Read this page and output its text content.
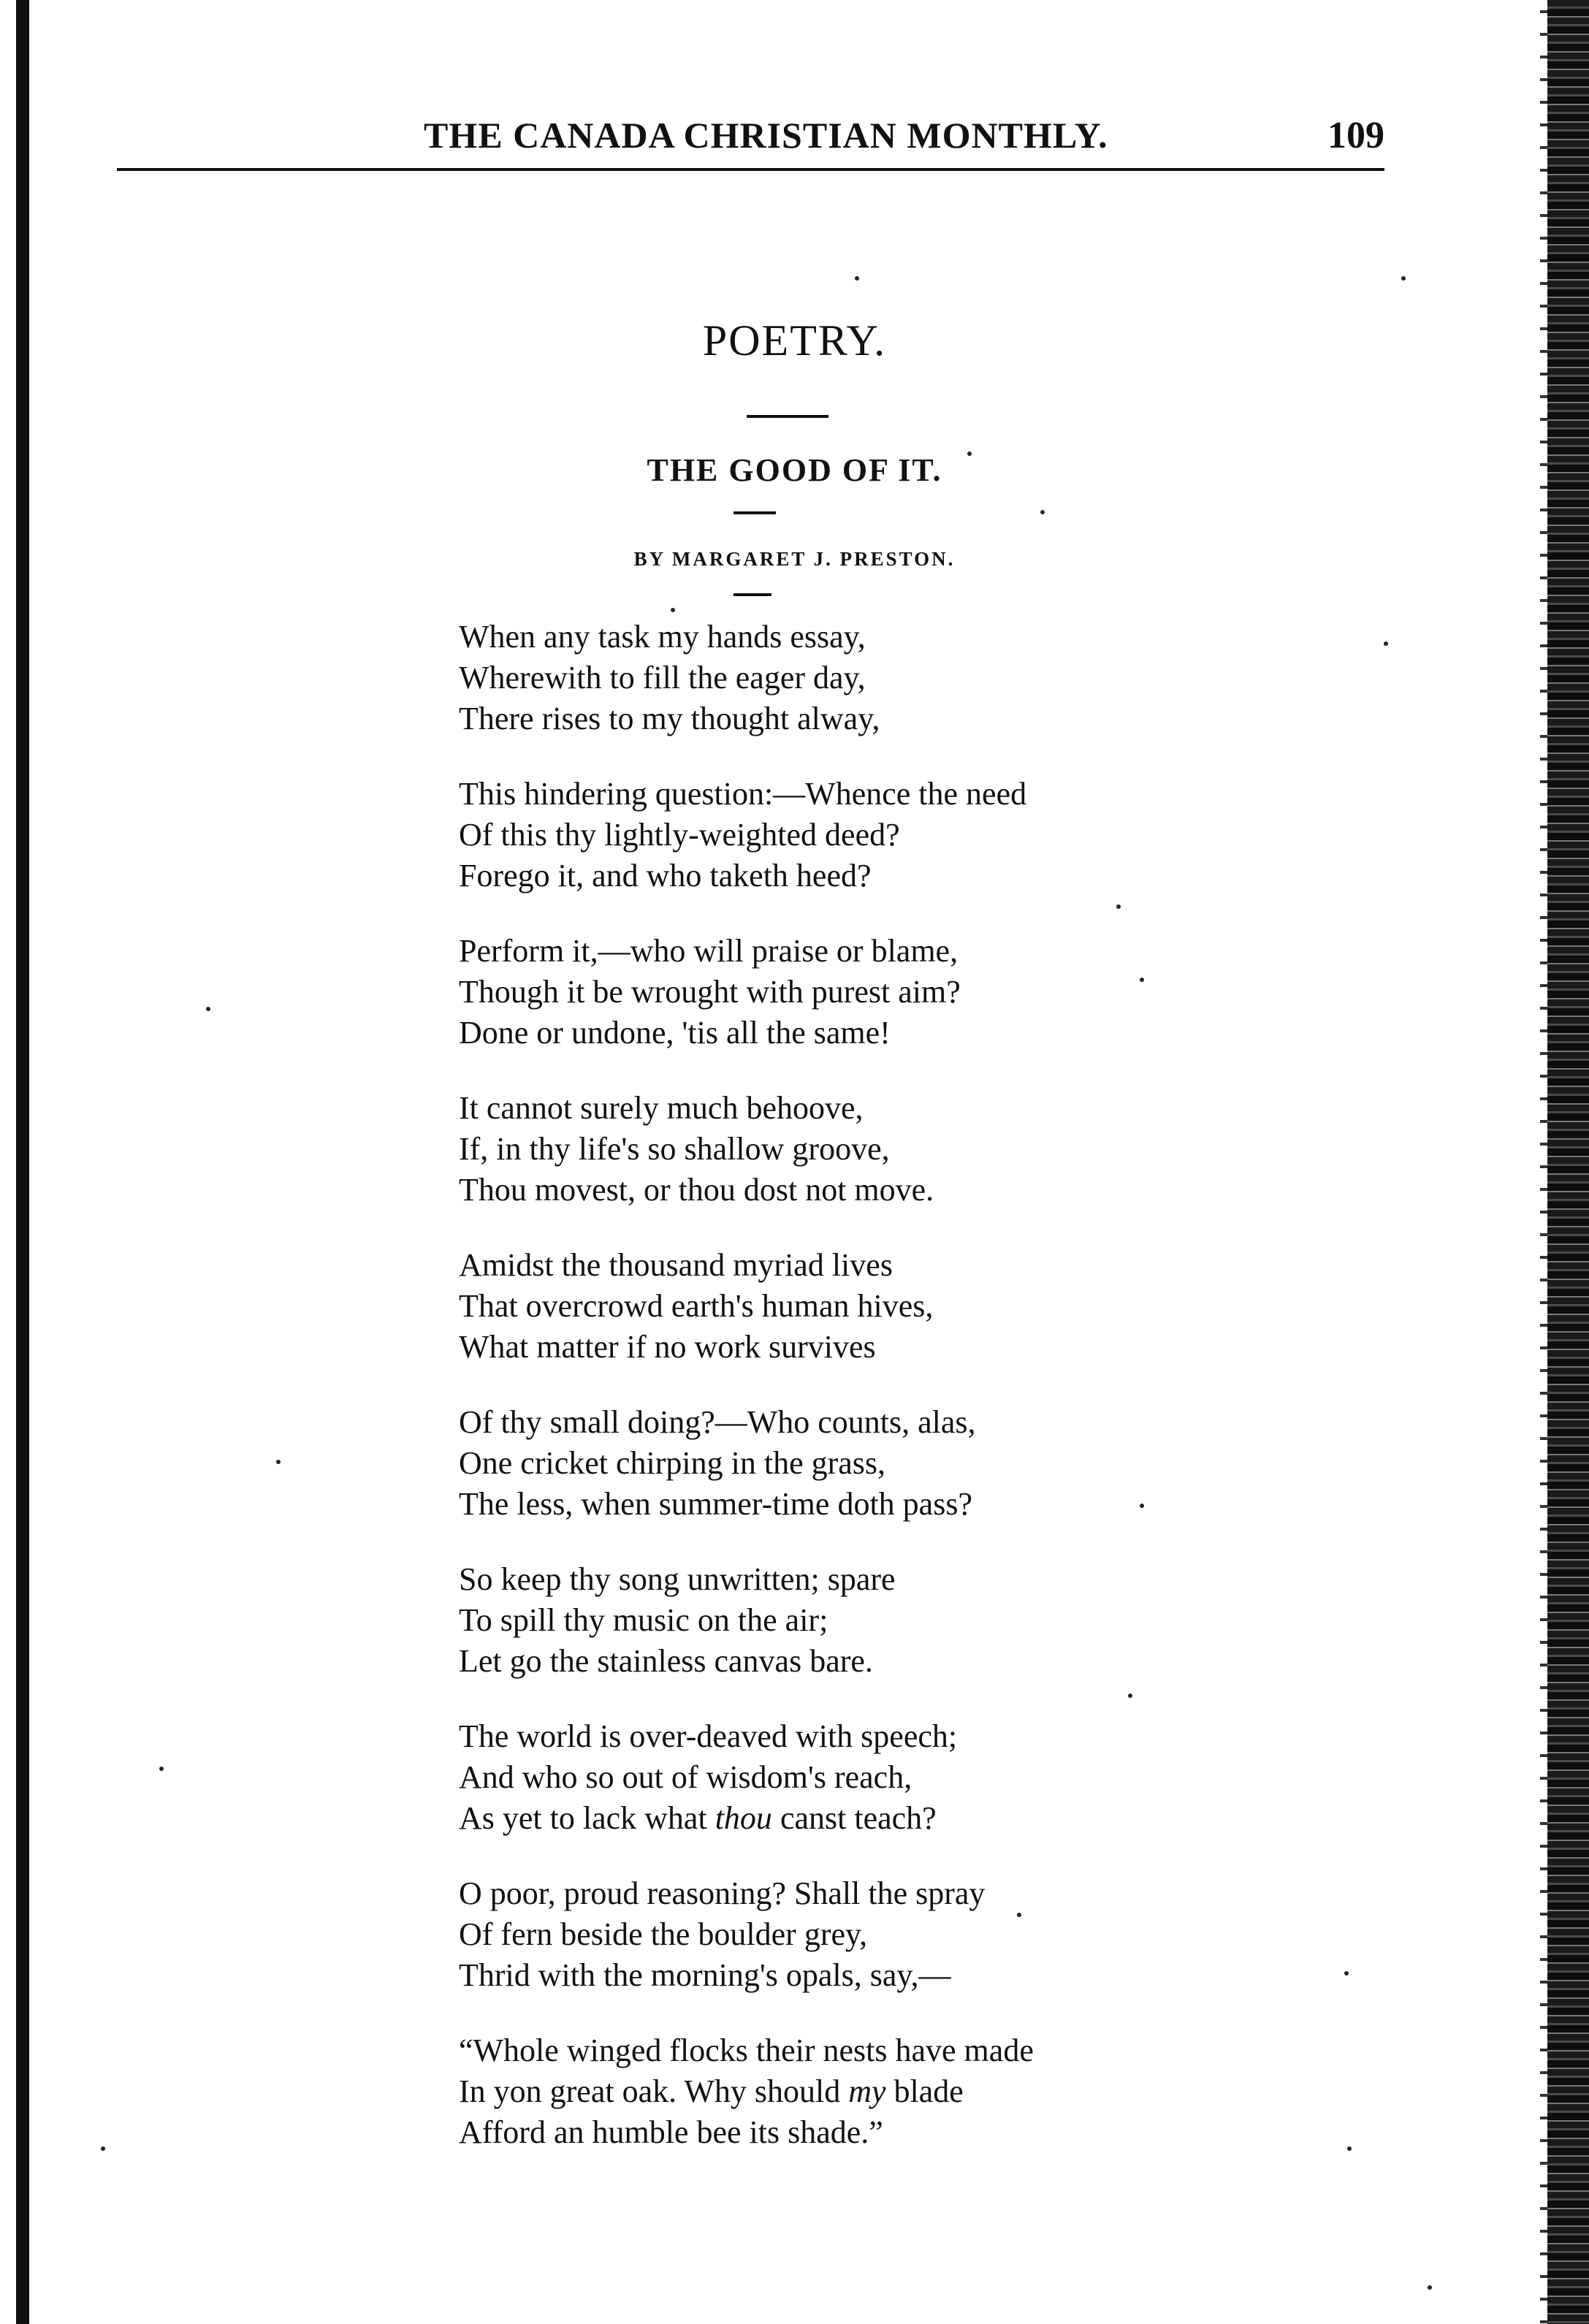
THE CANADA CHRISTIAN MONTHLY.	109
POETRY.
THE GOOD OF IT.
BY MARGARET J. PRESTON.
When any task my hands essay,
Wherewith to fill the eager day,
There rises to my thought alway,
This hindering question:—Whence the need
Of this thy lightly-weighted deed?
Forego it, and who taketh heed?
Perform it,—who will praise or blame,
Though it be wrought with purest aim?
Done or undone, 'tis all the same!
It cannot surely much behoove,
If, in thy life's so shallow groove,
Thou movest, or thou dost not move.
Amidst the thousand myriad lives
That overcrowd earth's human hives,
What matter if no work survives
Of thy small doing?—Who counts, alas,
One cricket chirping in the grass,
The less, when summer-time doth pass?
So keep thy song unwritten; spare
To spill thy music on the air;
Let go the stainless canvas bare.
The world is over-deaved with speech;
And who so out of wisdom's reach,
As yet to lack what thou canst teach?
O poor, proud reasoning? Shall the spray
Of fern beside the boulder grey,
Thrid with the morning's opals, say,—
“Whole winged flocks their nests have made
In yon great oak. Why should my blade
Afford an humble bee its shade.”
